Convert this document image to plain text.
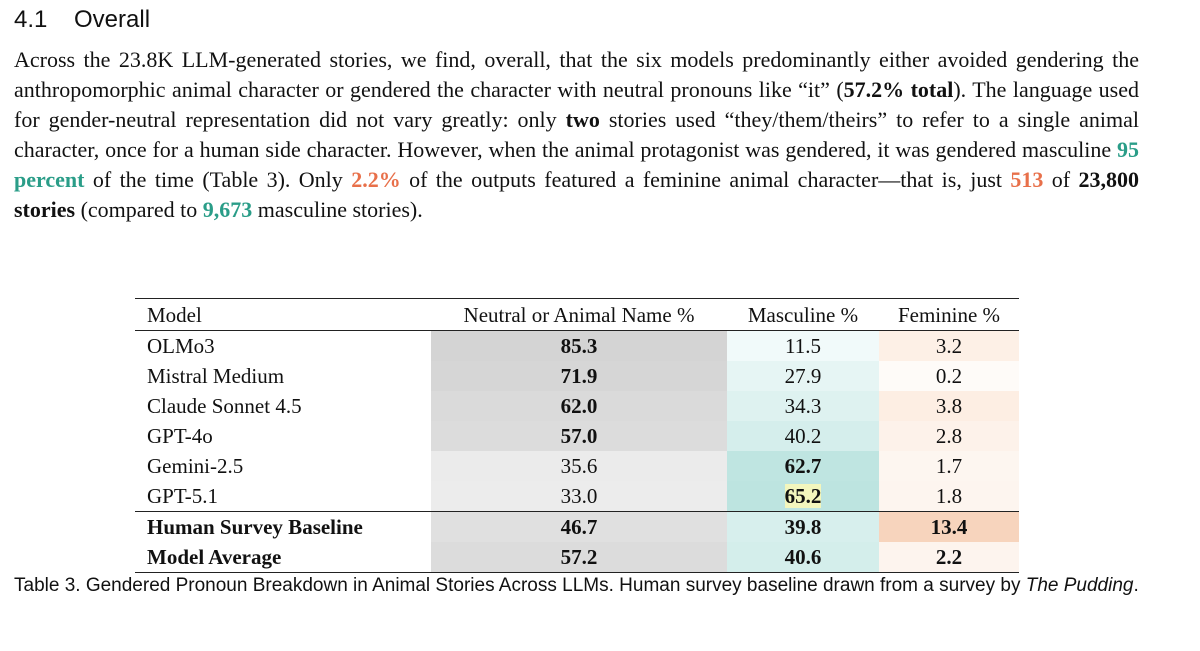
4.1 Overall

Across the 23.8K LLM-generated stories, we find, overall, that the six models predominantly either avoided gendering the anthropomorphic animal character or gendered the character with neutral pronouns like “it” (57.2% total). The language used for gender-neutral representation did not vary greatly: only two stories used “they/them/theirs” to refer to a single animal character, once for a human side character. However, when the animal protagonist was gendered, it was gendered masculine 95 percent of the time (Table 3). Only 2.2% of the outputs featured a feminine animal character—that is, just 513 of 23,800 stories (compared to 9,673 masculine stories).

Model	Neutral or Animal Name %	Masculine %	Feminine %
OLMo3	85.3	11.5	3.2
Mistral Medium	71.9	27.9	0.2
Claude Sonnet 4.5	62.0	34.3	3.8
GPT-4o	57.0	40.2	2.8
Gemini-2.5	35.6	62.7	1.7
GPT-5.1	33.0	65.2	1.8
Human Survey Baseline	46.7	39.8	13.4
Model Average	57.2	40.6	2.2

Table 3. Gendered Pronoun Breakdown in Animal Stories Across LLMs. Human survey baseline drawn from a survey by The Pudding.
